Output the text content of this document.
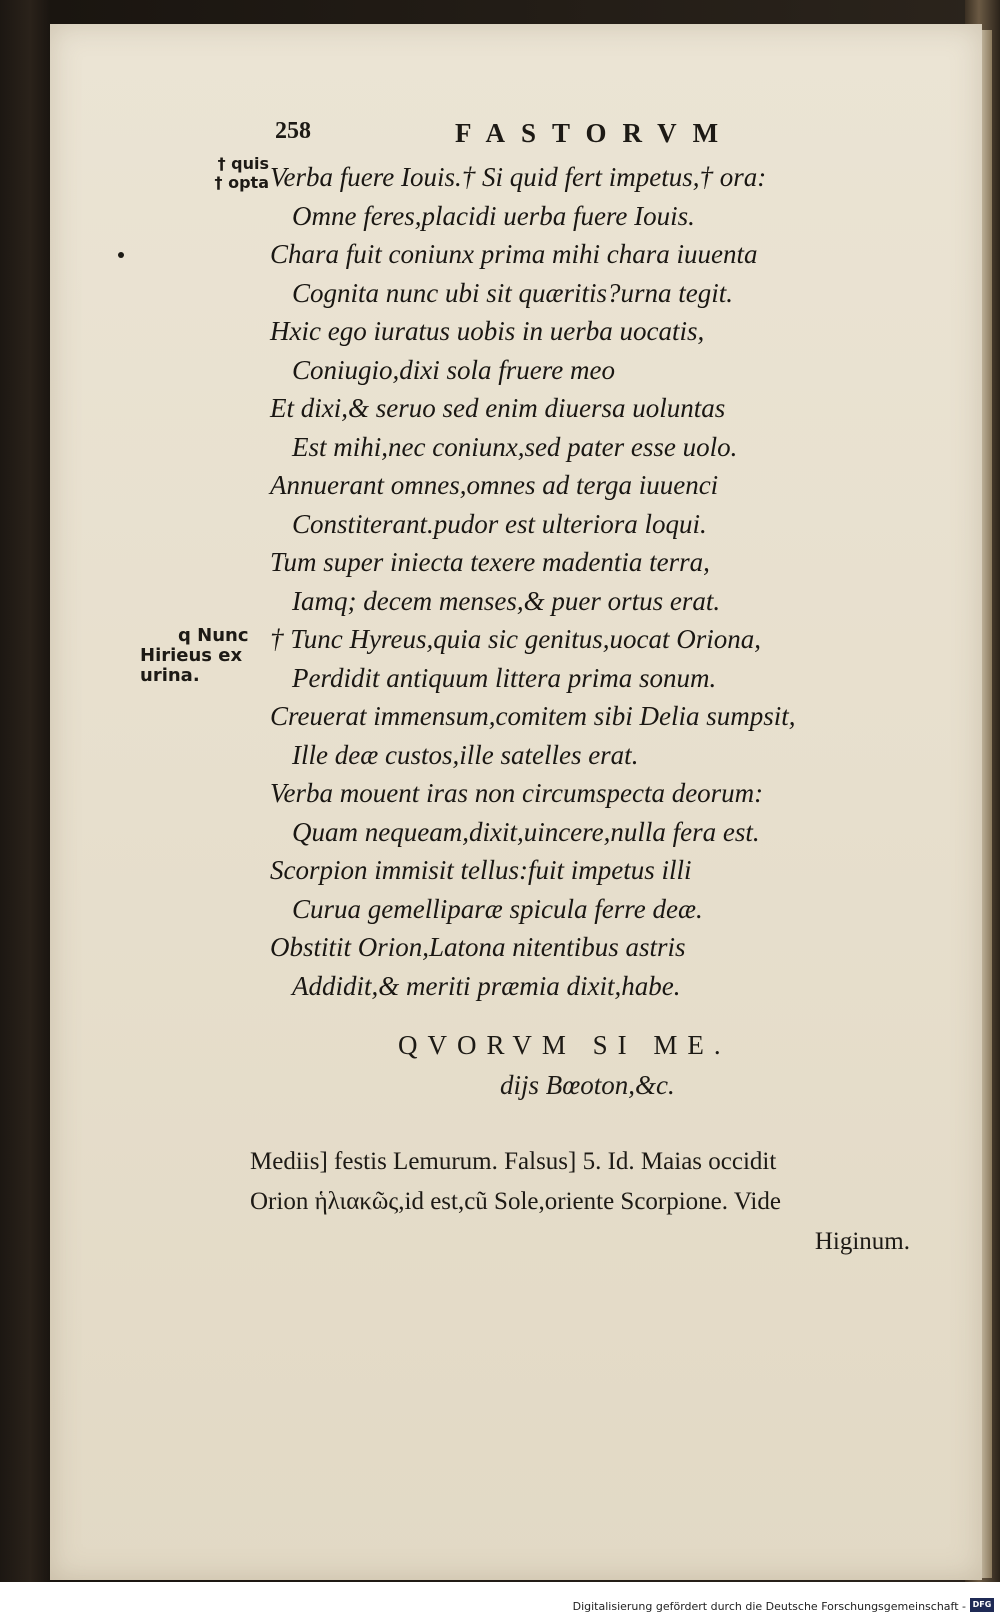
258	FASTORVM
† quis
† opta
q Nunc
Hirieus ex
urina.
Verba fuere Iouis.† Si quid fert impetus,† ora:
Omne feres,placidi uerba fuere Iouis.
Chara fuit coniunx prima mihi chara iuuenta
Cognita nunc ubi sit quæritis?urna tegit.
Hxic ego iuratus uobis in uerba uocatis,
Coniugio,dixi sola fruere meo
Et dixi,& seruo sed enim diuersa uoluntas
Est mihi,nec coniunx,sed pater esse uolo.
Annuerant omnes,omnes ad terga iuuenci
Constiterant.pudor est ulteriora loqui.
Tum super iniecta texere madentia terra,
Iamq; decem menses,& puer ortus erat.
† Tunc Hyreus,quia sic genitus,uocat Oriona,
Perdidit antiquum littera prima sonum.
Creuerat immensum,comitem sibi Delia sumpsit,
Ille deæ custos,ille satelles erat.
Verba mouent iras non circumspecta deorum:
Quam nequeam,dixit,uincere,nulla fera est.
Scorpion immisit tellus:fuit impetus illi
Curua gemelliparæ spicula ferre deæ.
Obstitit Orion,Latona nitentibus astris
Addidit,& meriti præmia dixit,habe.
QVORVM SI ME.
dijs Bœoton,&c.

Mediis] festis Lemurum. Falsus] 5. Id. Maias occidit

Orion ἡλιακῶς,id est,cũ Sole,oriente Scorpione. Vide

Higinum.

Digitalisierung gefördert durch die Deutsche Forschungsgemeinschaft - DFG
